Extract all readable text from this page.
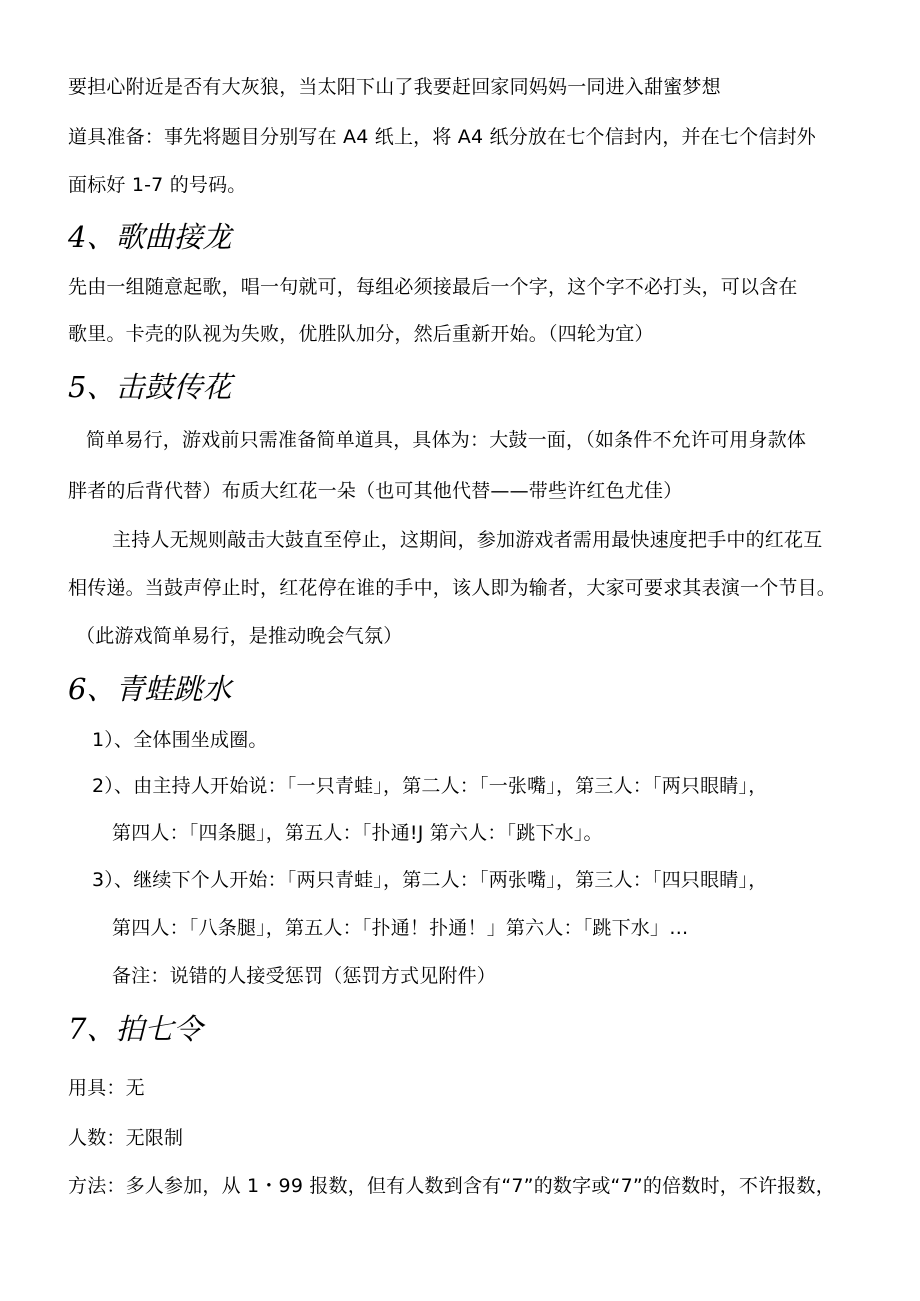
要担心附近是否有大灰狼，当太阳下山了我要赶回家同妈妈一同进入甜蜜梦想
道具准备：事先将题目分别写在 A4 纸上，将 A4 纸分放在七个信封内，并在七个信封外
面标好 1-7 的号码。
4、歌曲接龙
先由一组随意起歌，唱一句就可，每组必须接最后一个字，这个字不必打头，可以含在
歌里。卡壳的队视为失败，优胜队加分，然后重新开始。（四轮为宜）
5、击鼓传花
简单易行，游戏前只需准备简单道具，具体为：大鼓一面，（如条件不允许可用身款体
胖者的后背代替）布质大红花一朵（也可其他代替——带些许红色尤佳）
主持人无规则敲击大鼓直至停止，这期间，参加游戏者需用最快速度把手中的红花互
相传递。当鼓声停止时，红花停在谁的手中，该人即为输者，大家可要求其表演一个节目。
（此游戏简单易行，是推动晚会气氛）
6、青蛙跳水
1）、全体围坐成圈。
2）、由主持人开始说：「一只青蛙」，第二人：「一张嘴」，第三人：「两只眼睛」，
第四人：「四条腿」，第五人：「扑通!J 第六人：「跳下水」。
3）、继续下个人开始：「两只青蛙」，第二人：「两张嘴」，第三人：「四只眼睛」，
第四人：「八条腿」，第五人：「扑通！扑通！」第六人：「跳下水」…
备注：说错的人接受惩罚（惩罚方式见附件）
7、拍七令
用具：无
人数：无限制
方法：多人参加，从 1・99 报数，但有人数到含有“7”的数字或“7”的倍数时，不许报数，
